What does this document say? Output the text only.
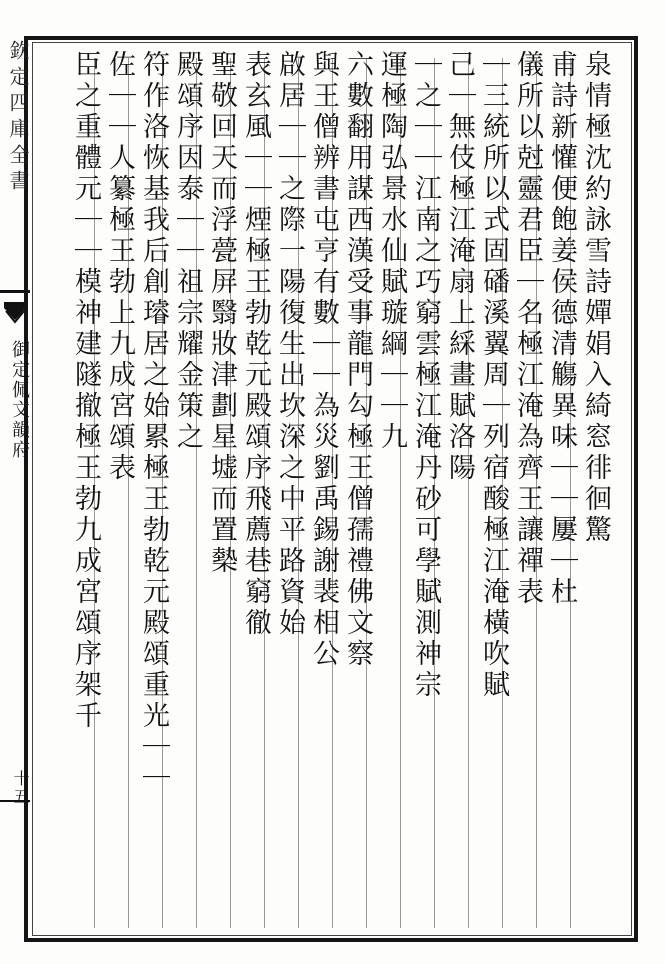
欽定四庫全書
御定佩文韻府
十五
泉情極沈約詠雪詩嬋娟入綺窓徘徊驚
甫詩新懽便飽姜侯德清觴異味｜｜屢｜杜
儀所以尅靈君臣｜名極江淹為齊王讓禪表
｜三統所以式固磻溪翼周｜列宿酸極江淹橫吹賦
己｜無伎極江淹扇上綵畫賦洛陽
｜之｜｜江南之巧窮雲極江淹丹砂可學賦測神宗
運極陶弘景水仙賦璇綱｜｜九
六數翻用謀西漢受事龍門勾極王僧孺禮佛文察
與王僧辨書屯亨有數｜｜為災劉禹錫謝裴相公
啟居｜｜之際一陽復生出坎深之中平路資始
表玄風｜｜煙極王勃乾元殿頌序飛薦巷窮徹
聖敬回天而浮甍屏翳妝津劃星墟而置槷
殿頌序因泰｜｜祖宗耀金策之
符作洛恢基我后創璿居之始累極王勃乾元殿頌重光｜｜
佐｜｜人纂極王勃上九成宮頌表
臣之重體元｜｜模神建隧撤極王勃九成宮頌序架千
